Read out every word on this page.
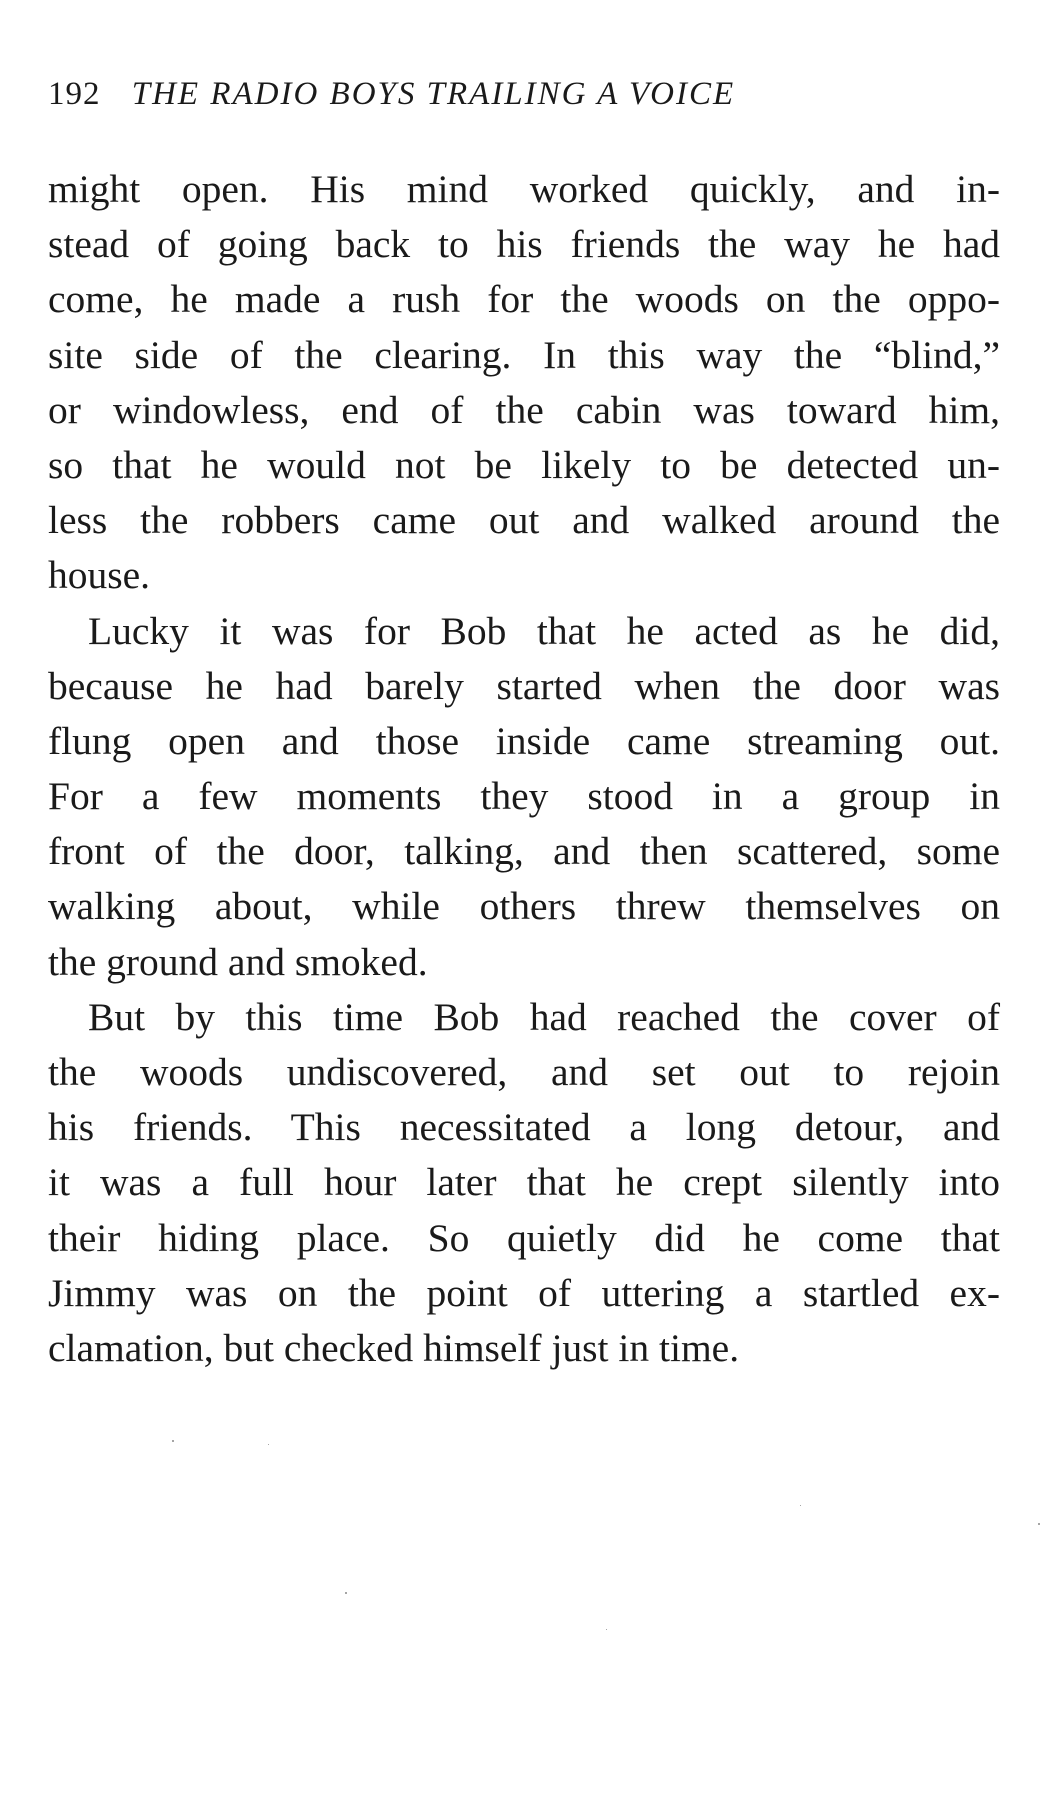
192 THE RADIO BOYS TRAILING A VOICE
might open. His mind worked quickly, and in-
stead of going back to his friends the way he had
come, he made a rush for the woods on the oppo-
site side of the clearing. In this way the “blind,”
or windowless, end of the cabin was toward him,
so that he would not be likely to be detected un-
less the robbers came out and walked around the
house.
Lucky it was for Bob that he acted as he did,
because he had barely started when the door was
flung open and those inside came streaming out.
For a few moments they stood in a group in
front of the door, talking, and then scattered, some
walking about, while others threw themselves on
the ground and smoked.
But by this time Bob had reached the cover of
the woods undiscovered, and set out to rejoin
his friends. This necessitated a long detour, and
it was a full hour later that he crept silently into
their hiding place. So quietly did he come that
Jimmy was on the point of uttering a startled ex-
clamation, but checked himself just in time.
